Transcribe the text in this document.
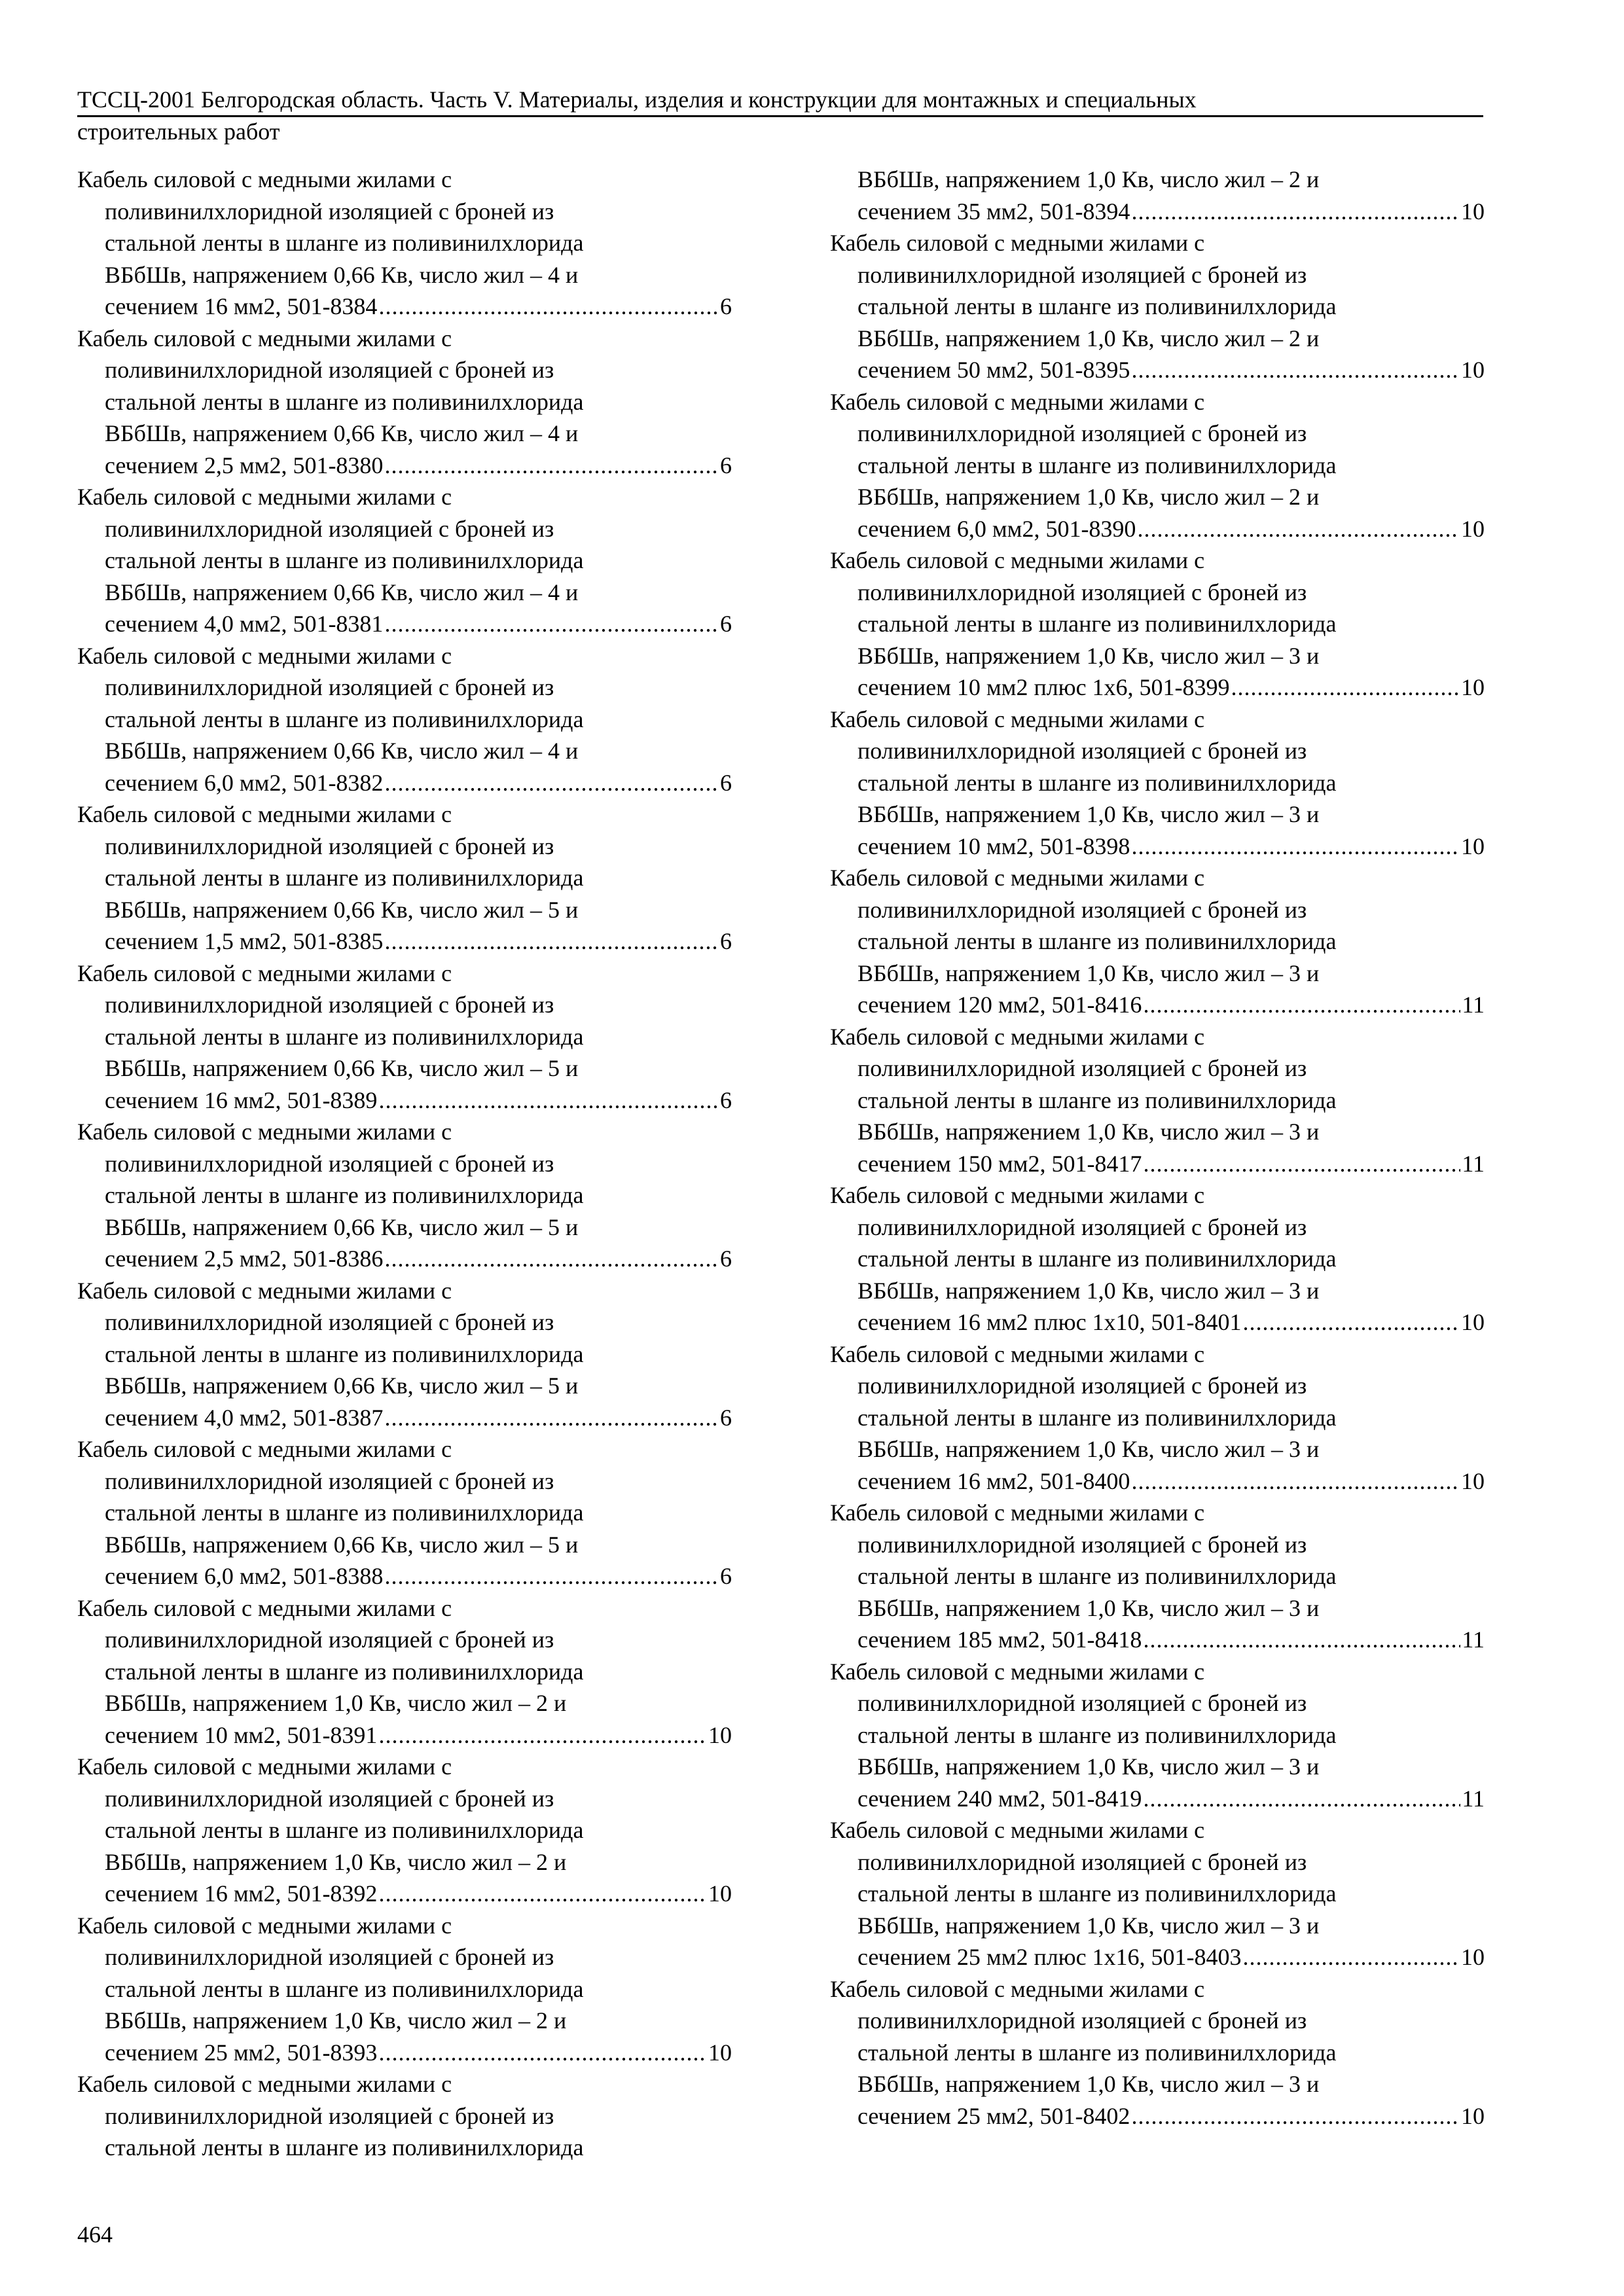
ТССЦ-2001 Белгородская область. Часть V. Материалы, изделия и конструкции для монтажных и специальных
строительных работ
Кабель силовой с медными жилами с
поливинилхлоридной изоляцией с броней из
стальной ленты в шланге из поливинилхлорида
ВБбШв, напряжением 0,66 Кв, число жил – 4 и
сечением 16 мм2, 501-8384 .....	6
Кабель силовой с медными жилами с
поливинилхлоридной изоляцией с броней из
стальной ленты в шланге из поливинилхлорида
ВБбШв, напряжением 0,66 Кв, число жил – 4 и
сечением 2,5 мм2, 501-8380 .....	6
Кабель силовой с медными жилами с
поливинилхлоридной изоляцией с броней из
стальной ленты в шланге из поливинилхлорида
ВБбШв, напряжением 0,66 Кв, число жил – 4 и
сечением 4,0 мм2, 501-8381 .....	6
Кабель силовой с медными жилами с
поливинилхлоридной изоляцией с броней из
стальной ленты в шланге из поливинилхлорида
ВБбШв, напряжением 0,66 Кв, число жил – 4 и
сечением 6,0 мм2, 501-8382 .....	6
Кабель силовой с медными жилами с
поливинилхлоридной изоляцией с броней из
стальной ленты в шланге из поливинилхлорида
ВБбШв, напряжением 0,66 Кв, число жил – 5 и
сечением 1,5 мм2, 501-8385 .....	6
Кабель силовой с медными жилами с
поливинилхлоридной изоляцией с броней из
стальной ленты в шланге из поливинилхлорида
ВБбШв, напряжением 0,66 Кв, число жил – 5 и
сечением 16 мм2, 501-8389 .....	6
Кабель силовой с медными жилами с
поливинилхлоридной изоляцией с броней из
стальной ленты в шланге из поливинилхлорида
ВБбШв, напряжением 0,66 Кв, число жил – 5 и
сечением 2,5 мм2, 501-8386 .....	6
Кабель силовой с медными жилами с
поливинилхлоридной изоляцией с броней из
стальной ленты в шланге из поливинилхлорида
ВБбШв, напряжением 0,66 Кв, число жил – 5 и
сечением 4,0 мм2, 501-8387 .....	6
Кабель силовой с медными жилами с
поливинилхлоридной изоляцией с броней из
стальной ленты в шланге из поливинилхлорида
ВБбШв, напряжением 0,66 Кв, число жил – 5 и
сечением 6,0 мм2, 501-8388 .....	6
Кабель силовой с медными жилами с
поливинилхлоридной изоляцией с броней из
стальной ленты в шланге из поливинилхлорида
ВБбШв, напряжением 1,0 Кв, число жил – 2 и
сечением 10 мм2, 501-8391 .....	10
Кабель силовой с медными жилами с
поливинилхлоридной изоляцией с броней из
стальной ленты в шланге из поливинилхлорида
ВБбШв, напряжением 1,0 Кв, число жил – 2 и
сечением 16 мм2, 501-8392 .....	10
Кабель силовой с медными жилами с
поливинилхлоридной изоляцией с броней из
стальной ленты в шланге из поливинилхлорида
ВБбШв, напряжением 1,0 Кв, число жил – 2 и
сечением 25 мм2, 501-8393 .....	10
Кабель силовой с медными жилами с
поливинилхлоридной изоляцией с броней из
стальной ленты в шланге из поливинилхлорида
ВБбШв, напряжением 1,0 Кв, число жил – 2 и
сечением 35 мм2, 501-8394 .....	10
Кабель силовой с медными жилами с
поливинилхлоридной изоляцией с броней из
стальной ленты в шланге из поливинилхлорида
ВБбШв, напряжением 1,0 Кв, число жил – 2 и
сечением 50 мм2, 501-8395 .....	10
Кабель силовой с медными жилами с
поливинилхлоридной изоляцией с броней из
стальной ленты в шланге из поливинилхлорида
ВБбШв, напряжением 1,0 Кв, число жил – 2 и
сечением 6,0 мм2, 501-8390 .....	10
Кабель силовой с медными жилами с
поливинилхлоридной изоляцией с броней из
стальной ленты в шланге из поливинилхлорида
ВБбШв, напряжением 1,0 Кв, число жил – 3 и
сечением 10 мм2 плюс 1х6, 501-8399 .....	10
Кабель силовой с медными жилами с
поливинилхлоридной изоляцией с броней из
стальной ленты в шланге из поливинилхлорида
ВБбШв, напряжением 1,0 Кв, число жил – 3 и
сечением 10 мм2, 501-8398 .....	10
Кабель силовой с медными жилами с
поливинилхлоридной изоляцией с броней из
стальной ленты в шланге из поливинилхлорида
ВБбШв, напряжением 1,0 Кв, число жил – 3 и
сечением 120 мм2, 501-8416 .....	11
Кабель силовой с медными жилами с
поливинилхлоридной изоляцией с броней из
стальной ленты в шланге из поливинилхлорида
ВБбШв, напряжением 1,0 Кв, число жил – 3 и
сечением 150 мм2, 501-8417 .....	11
Кабель силовой с медными жилами с
поливинилхлоридной изоляцией с броней из
стальной ленты в шланге из поливинилхлорида
ВБбШв, напряжением 1,0 Кв, число жил – 3 и
сечением 16 мм2 плюс 1х10, 501-8401 .....	10
Кабель силовой с медными жилами с
поливинилхлоридной изоляцией с броней из
стальной ленты в шланге из поливинилхлорида
ВБбШв, напряжением 1,0 Кв, число жил – 3 и
сечением 16 мм2, 501-8400 .....	10
Кабель силовой с медными жилами с
поливинилхлоридной изоляцией с броней из
стальной ленты в шланге из поливинилхлорида
ВБбШв, напряжением 1,0 Кв, число жил – 3 и
сечением 185 мм2, 501-8418 .....	11
Кабель силовой с медными жилами с
поливинилхлоридной изоляцией с броней из
стальной ленты в шланге из поливинилхлорида
ВБбШв, напряжением 1,0 Кв, число жил – 3 и
сечением 240 мм2, 501-8419 .....	11
Кабель силовой с медными жилами с
поливинилхлоридной изоляцией с броней из
стальной ленты в шланге из поливинилхлорида
ВБбШв, напряжением 1,0 Кв, число жил – 3 и
сечением 25 мм2 плюс 1х16, 501-8403 .....	10
Кабель силовой с медными жилами с
поливинилхлоридной изоляцией с броней из
стальной ленты в шланге из поливинилхлорида
ВБбШв, напряжением 1,0 Кв, число жил – 3 и
сечением 25 мм2, 501-8402 .....	10
464
